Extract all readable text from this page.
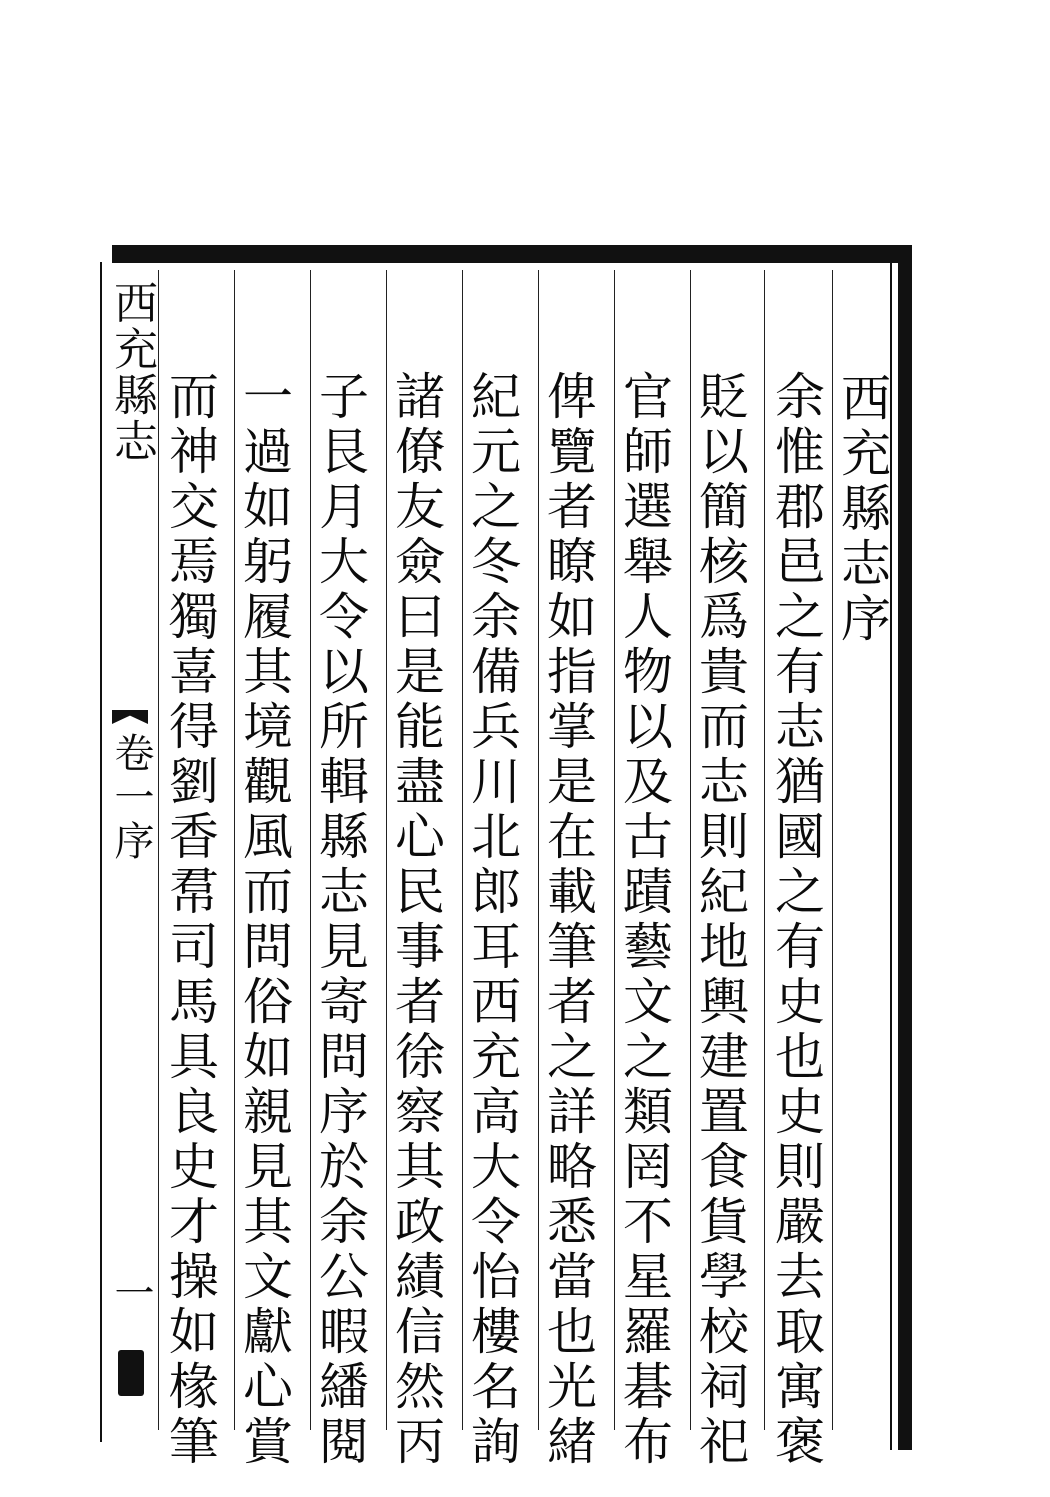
西充縣志序
余惟郡邑之有志猶國之有史也史則嚴去取寓褒
貶以簡核爲貴而志則紀地輿建置食貨學校祠祀
官師選舉人物以及古蹟藝文之類罔不星羅碁布
俾覽者瞭如指掌是在載筆者之詳略悉當也光緒
紀元之冬余備兵川北郎耳西充高大令怡樓名詢
諸僚友僉曰是能盡心民事者徐察其政績信然丙
子艮月大令以所輯縣志見寄問序於余公暇繙閱
一過如躬履其境觀風而問俗如親見其文獻心賞
而神交焉獨喜得劉香帬司馬具良史才操如椽筆
西充縣志
卷一序
一
